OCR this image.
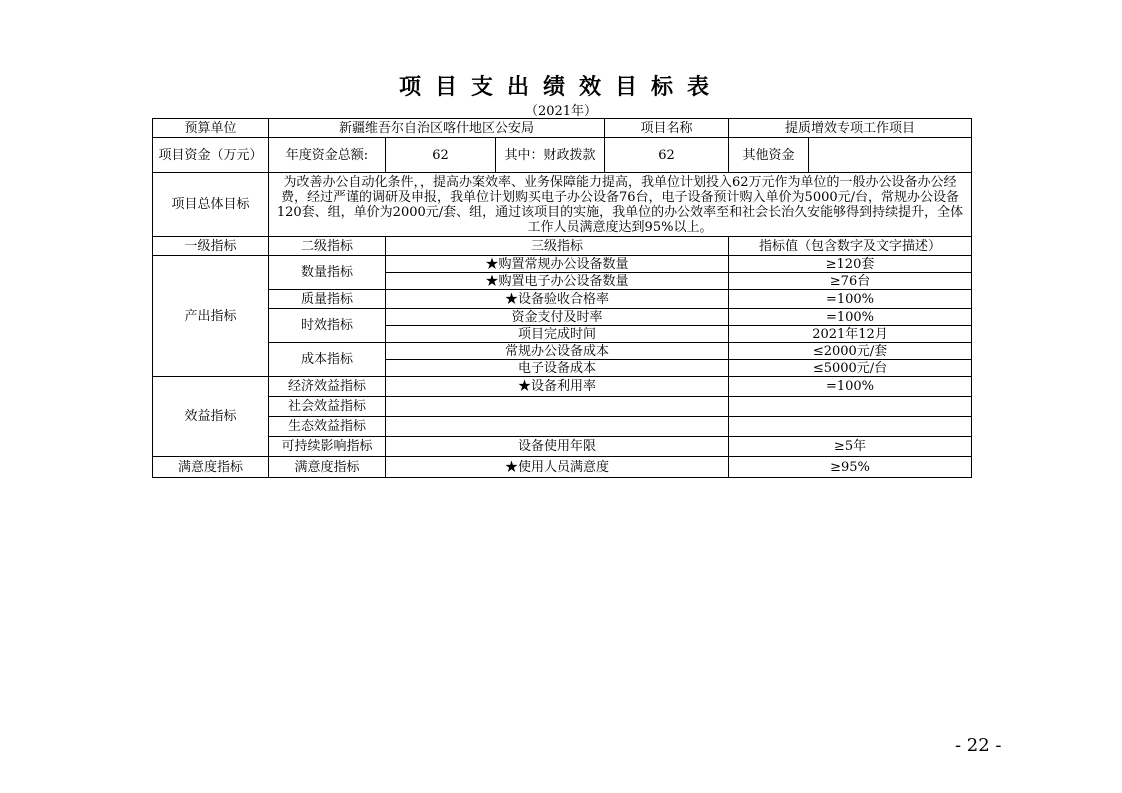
项目支出绩效目标表
（2021年）
预算单位	新疆维吾尔自治区喀什地区公安局			项目名称	提质增效专项工作项目	
项目资金（万元）	年度资金总额:	62	其中：财政拨款	62	其他资金	
项目总体目标	为改善办公自动化条件，，提高办案效率、业务保障能力提高，我单位计划投入62万元作为单位的一般办公设备办公经费，经过严谨的调研及申报，我单位计划购买电子办公设备76台，电子设备预计购入单价为5000元/台，常规办公设备120套、组，单价为2000元/套、组，通过该项目的实施，我单位的办公效率至和社会长治久安能够得到持续提升，全体工作人员满意度达到95%以上。					
一级指标	二级指标	三级指标			指标值（包含数字及文字描述）	
产出指标	数量指标	★购置常规办公设备数量			≥120套	
		★购置电子办公设备数量			≥76台	
	质量指标	★设备验收合格率			=100%	
	时效指标	资金支付及时率			=100%	
		项目完成时间			2021年12月	
	成本指标	常规办公设备成本			≤2000元/套	
		电子设备成本			≤5000元/台	
效益指标	经济效益指标	★设备利用率			=100%	
	社会效益指标					
	生态效益指标					
	可持续影响指标	设备使用年限			≥5年	
满意度指标	满意度指标	★使用人员满意度			≥95%	
- 22 -
